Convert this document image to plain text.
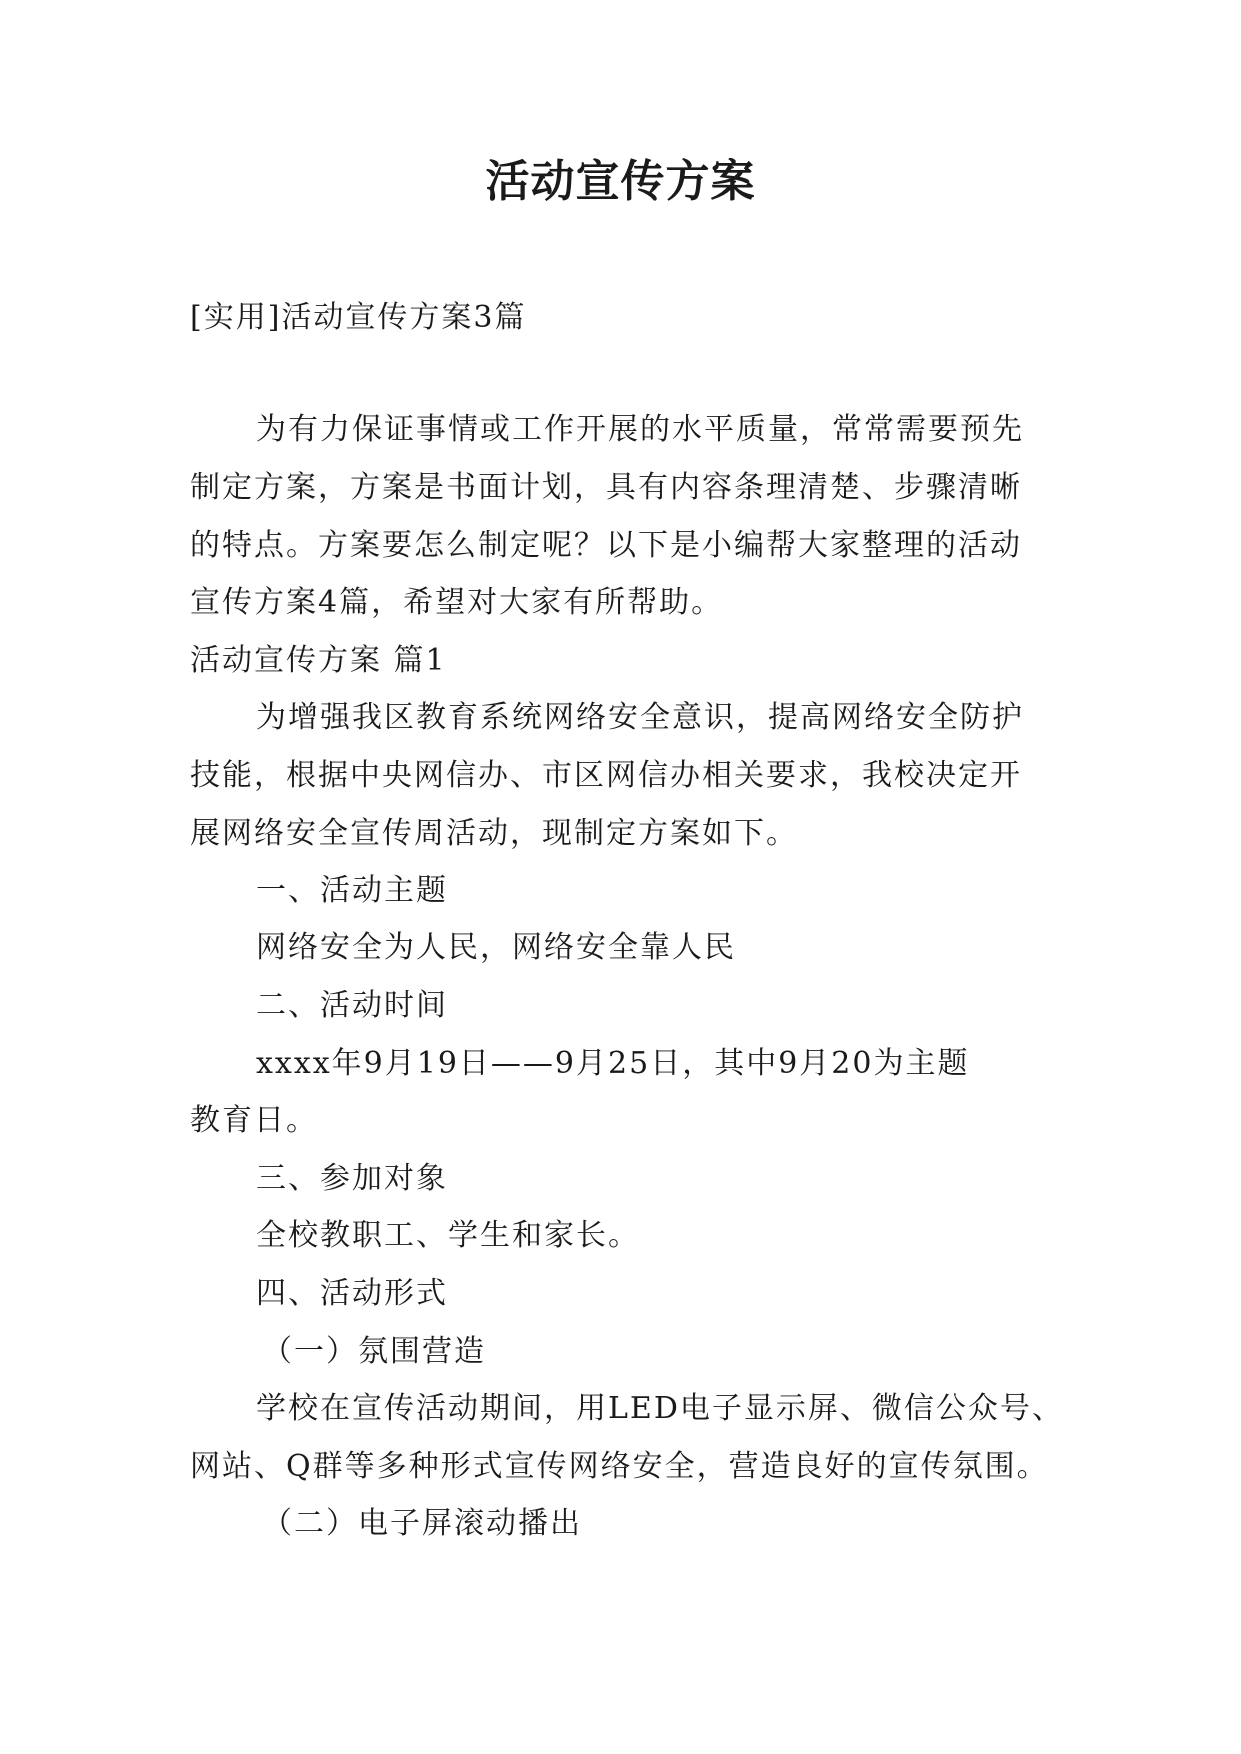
活动宣传方案
[实用]活动宣传方案3篇
为有力保证事情或工作开展的水平质量，常常需要预先
制定方案，方案是书面计划，具有内容条理清楚、步骤清晰
的特点。方案要怎么制定呢？以下是小编帮大家整理的活动
宣传方案4篇，希望对大家有所帮助。
活动宣传方案 篇1
为增强我区教育系统网络安全意识，提高网络安全防护
技能，根据中央网信办、市区网信办相关要求，我校决定开
展网络安全宣传周活动，现制定方案如下。
一、活动主题
网络安全为人民，网络安全靠人民
二、活动时间
xxxx年9月19日——9月25日，其中9月20为主题
教育日。
三、参加对象
全校教职工、学生和家长。
四、活动形式
（一）氛围营造
学校在宣传活动期间，用LED电子显示屏、微信公众号、
网站、Q群等多种形式宣传网络安全，营造良好的宣传氛围。
（二）电子屏滚动播出
